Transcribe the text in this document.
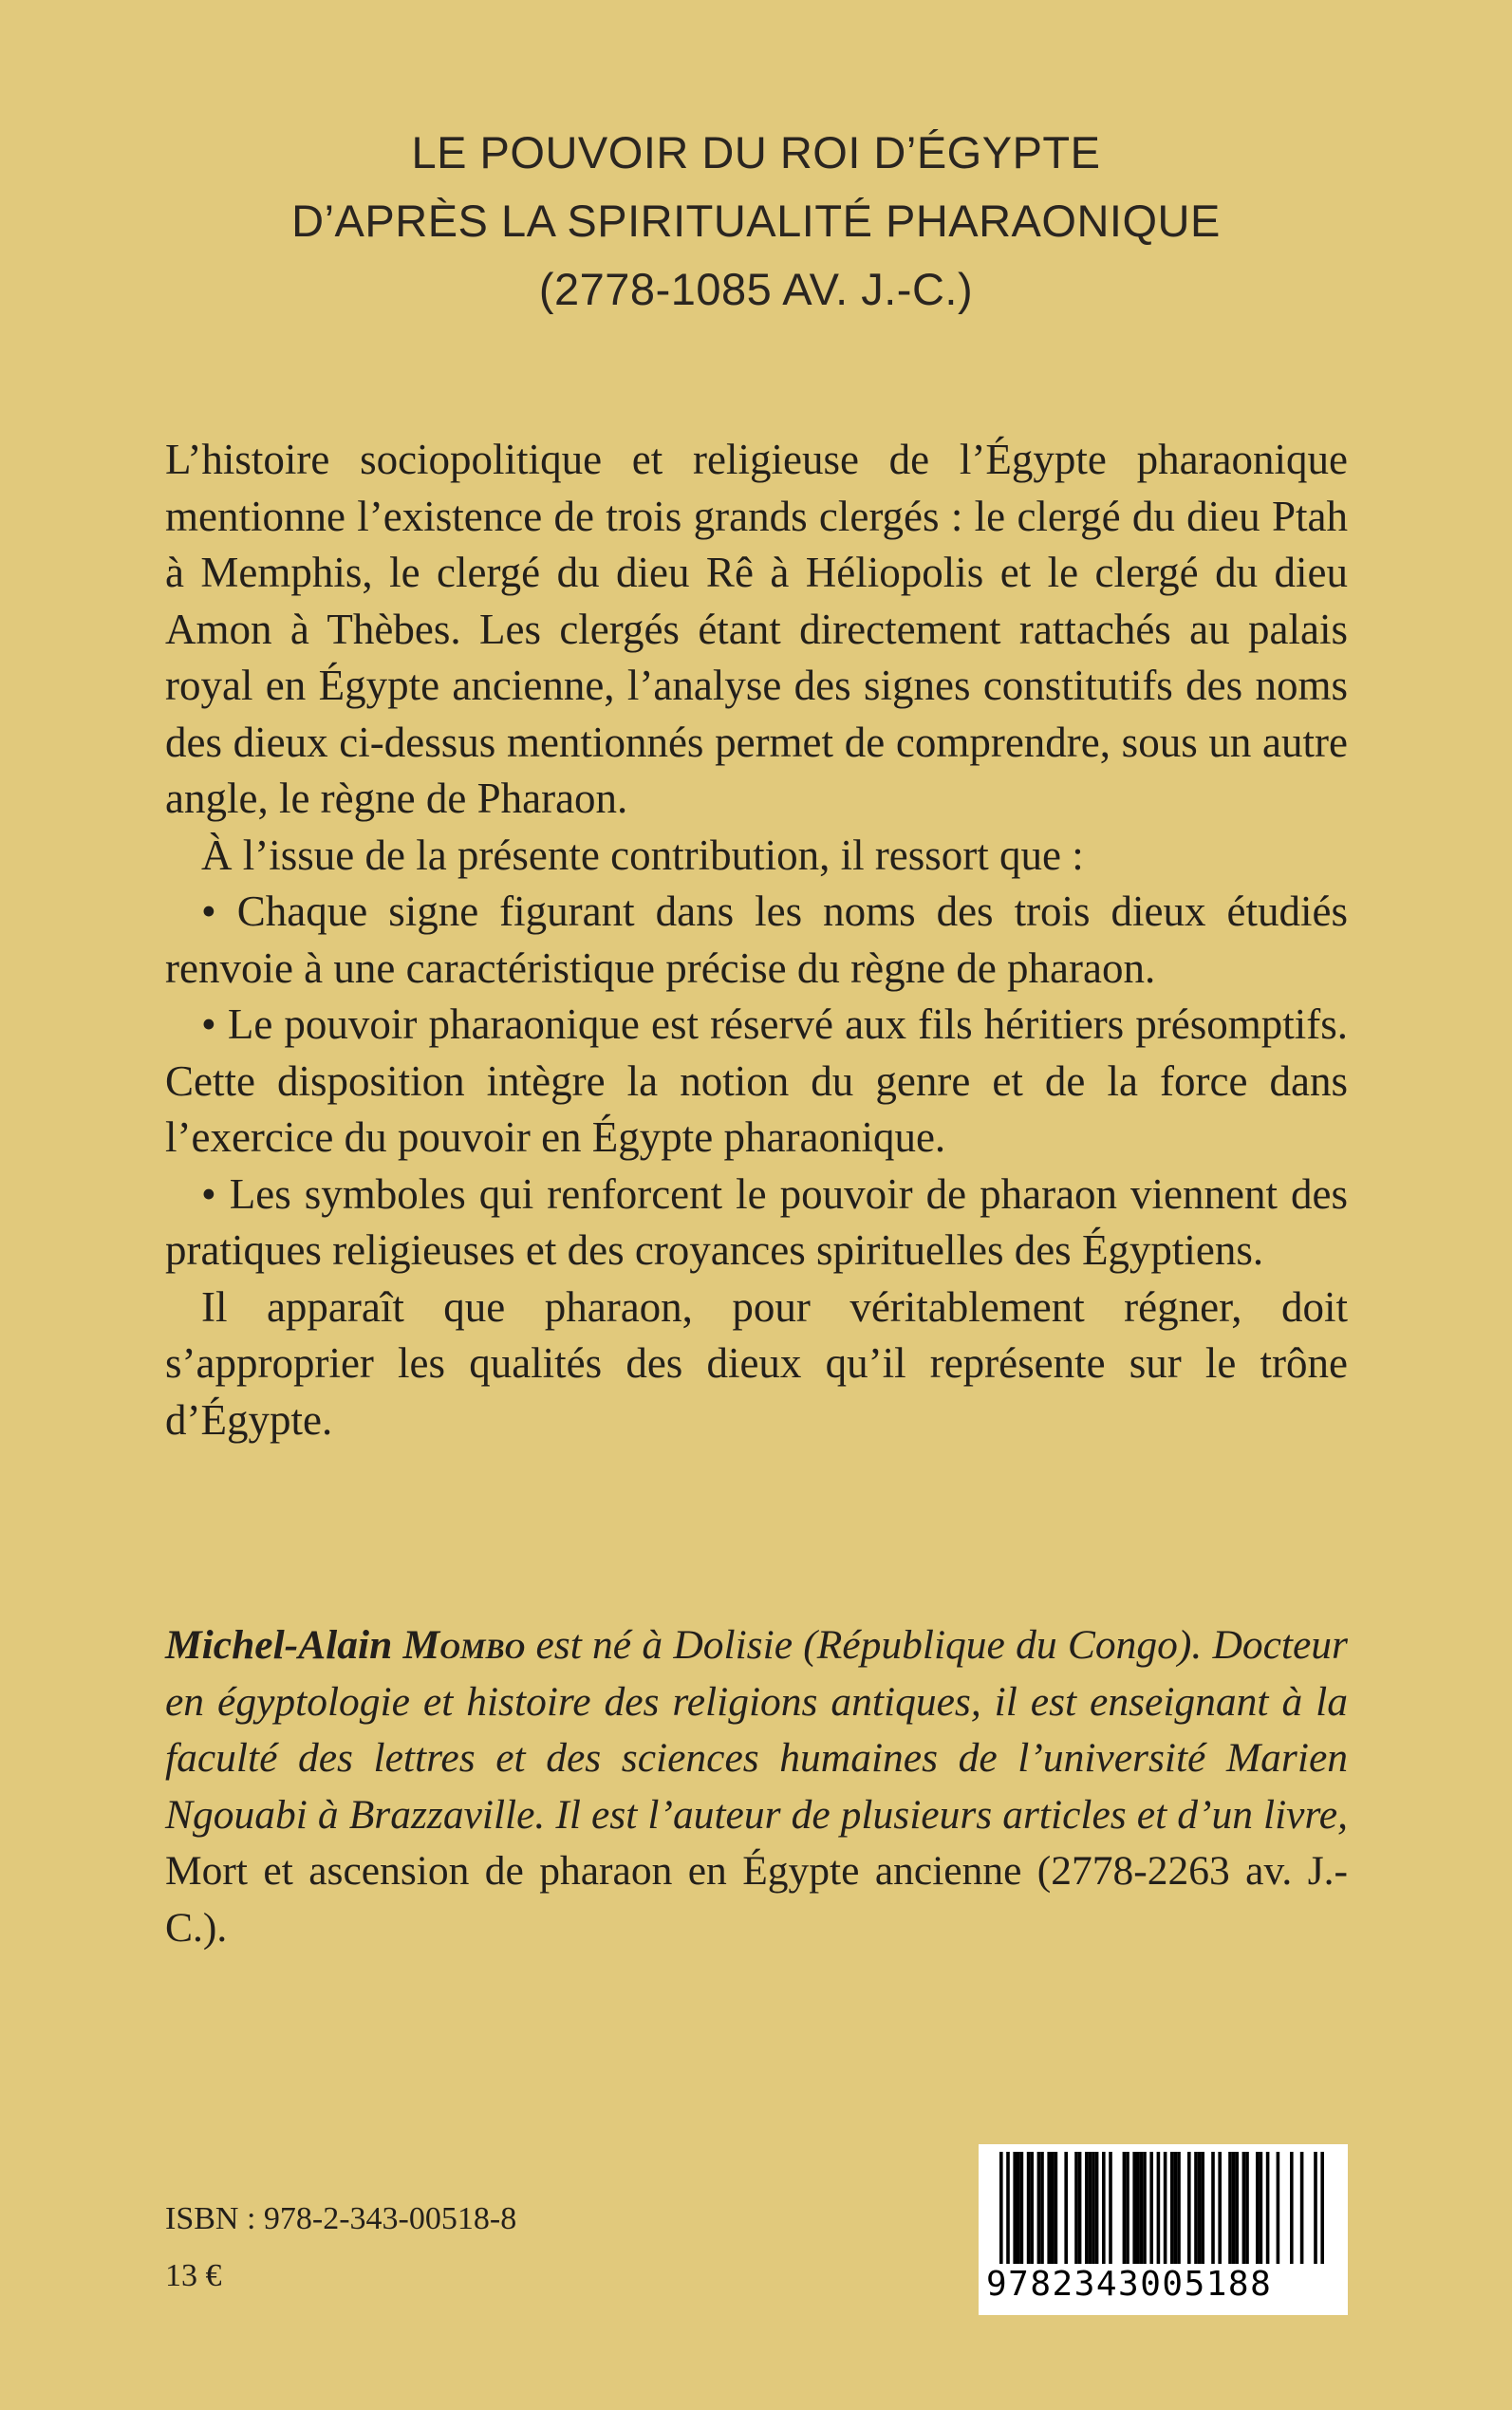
LE POUVOIR DU ROI D’ÉGYPTE
D’APRÈS LA SPIRITUALITÉ PHARAONIQUE
(2778-1085 AV. J.-C.)

L’histoire sociopolitique et religieuse de l’Égypte pharaonique mentionne l’existence de trois grands clergés : le clergé du dieu Ptah à Memphis, le clergé du dieu Rê à Héliopolis et le clergé du dieu Amon à Thèbes. Les clergés étant directement rattachés au palais royal en Égypte ancienne, l’analyse des signes constitutifs des noms des dieux ci-dessus mentionnés permet de comprendre, sous un autre angle, le règne de Pharaon.

À l’issue de la présente contribution, il ressort que :

• Chaque signe figurant dans les noms des trois dieux étudiés renvoie à une caractéristique précise du règne de pharaon.

• Le pouvoir pharaonique est réservé aux fils héritiers présomptifs. Cette disposition intègre la notion du genre et de la force dans l’exercice du pouvoir en Égypte pharaonique.

• Les symboles qui renforcent le pouvoir de pharaon viennent des pratiques religieuses et des croyances spirituelles des Égyptiens.

Il apparaît que pharaon, pour véritablement régner, doit s’approprier les qualités des dieux qu’il représente sur le trône d’Égypte.

Michel-Alain Mombo est né à Dolisie (République du Congo). Docteur en égyptologie et histoire des religions antiques, il est enseignant à la faculté des lettres et des sciences humaines de l’université Marien Ngouabi à Brazzaville. Il est l’auteur de plusieurs articles et d’un livre, Mort et ascension de pharaon en Égypte ancienne (2778-2263 av. J.-C.).
ISBN : 978-2-343-00518-8
13 €	9782343005188
